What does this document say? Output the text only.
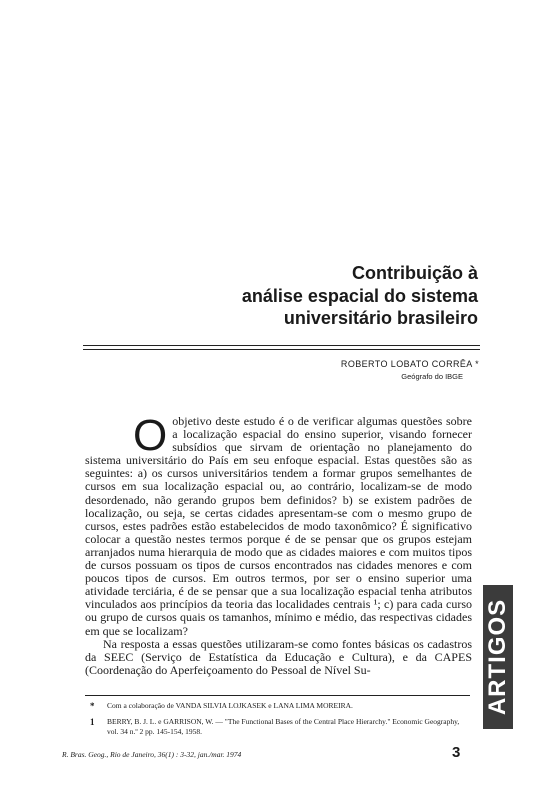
Contribuição à
análise espacial do sistema
universitário brasileiro
ROBERTO LOBATO CORRÊA *
Geógrafo do IBGE

Oobjetivo deste estudo é o de verificar algumas questões sobre a localização espacial do ensino superior, visando fornecer subsídios que sirvam de orientação no planejamento do sistema universitário do País em seu enfoque espacial. Estas questões são as seguintes: a) os cursos universitários tendem a formar grupos semelhantes de cursos em sua localização espacial ou, ao contrário, localizam-se de modo desordenado, não gerando grupos bem definidos? b) se existem padrões de localização, ou seja, se certas cidades apresentam-se com o mesmo grupo de cursos, estes padrões estão estabelecidos de modo taxonômico? É significativo colocar a questão nestes termos porque é de se pensar que os grupos estejam arranjados numa hierarquia de modo que as cidades maiores e com muitos tipos de cursos possuam os tipos de cursos encontrados nas cidades menores e com poucos tipos de cursos. Em outros termos, por ser o ensino superior uma atividade terciária, é de se pensar que a sua localização espacial tenha atributos vinculados aos princípios da teoria das localidades centrais ¹; c) para cada curso ou grupo de cursos quais os tamanhos, mínimo e médio, das respectivas cidades em que se localizam?

Na resposta a essas questões utilizaram-se como fontes básicas os cadastros da SEEC (Serviço de Estatística da Educação e Cultura), e da CAPES (Coordenação do Aperfeiçoamento do Pessoal de Nível Su-	ARTIGOS
* Com a colaboração de VANDA SILVIA LOJKASEK e LANA LIMA MOREIRA.
1 BERRY, B. J. L. e GARRISON, W. — "The Functional Bases of the Central Place Hierarchy." Economic Geography, vol. 34 n.º 2 pp. 145-154, 1958.
R. Bras. Geog., Rio de Janeiro, 36(1) : 3-32, jan./mar. 1974	3
